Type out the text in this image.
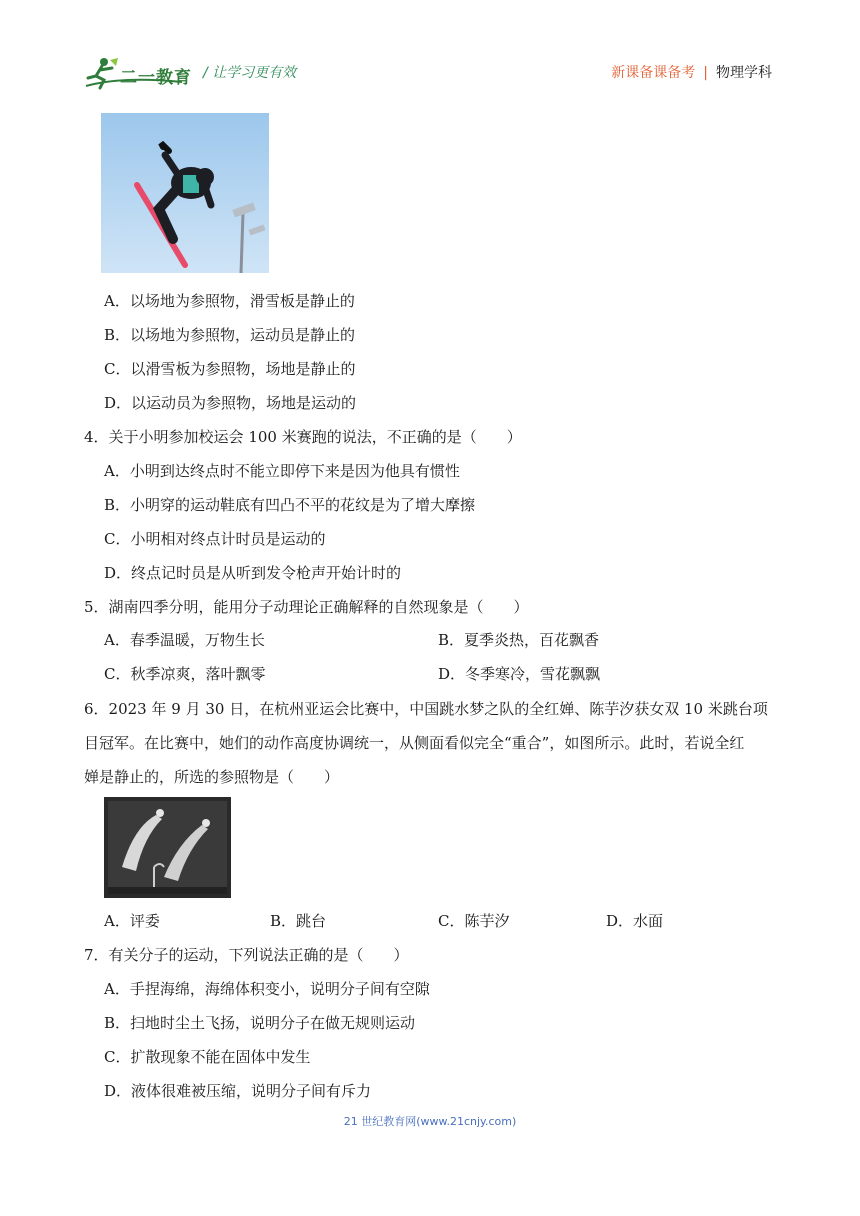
二一教育 / 让学习更有效	新课备课备考 | 物理学科
A．以场地为参照物，滑雪板是静止的
B．以场地为参照物，运动员是静止的
C．以滑雪板为参照物，场地是静止的
D．以运动员为参照物，场地是运动的
4．关于小明参加校运会 100 米赛跑的说法，不正确的是（　　）
A．小明到达终点时不能立即停下来是因为他具有惯性
B．小明穿的运动鞋底有凹凸不平的花纹是为了增大摩擦
C．小明相对终点计时员是运动的
D．终点记时员是从听到发令枪声开始计时的
5．湖南四季分明，能用分子动理论正确解释的自然现象是（　　）
A．春季温暖，万物生长	B．夏季炎热，百花飘香
C．秋季凉爽，落叶飘零	D．冬季寒冷，雪花飘飘
6．2023 年 9 月 30 日，在杭州亚运会比赛中，中国跳水梦之队的全红婵、陈芋汐获女双 10 米跳台项
目冠军。在比赛中，她们的动作高度协调统一，从侧面看似完全“重合”，如图所示。此时，若说全红
婵是静止的，所选的参照物是（　　）
A．评委	B．跳台	C．陈芋汐	D．水面
7．有关分子的运动，下列说法正确的是（　　）
A．手捏海绵，海绵体积变小，说明分子间有空隙
B．扫地时尘土飞扬，说明分子在做无规则运动
C．扩散现象不能在固体中发生
D．液体很难被压缩，说明分子间有斥力
21 世纪教育网(www.21cnjy.com)
